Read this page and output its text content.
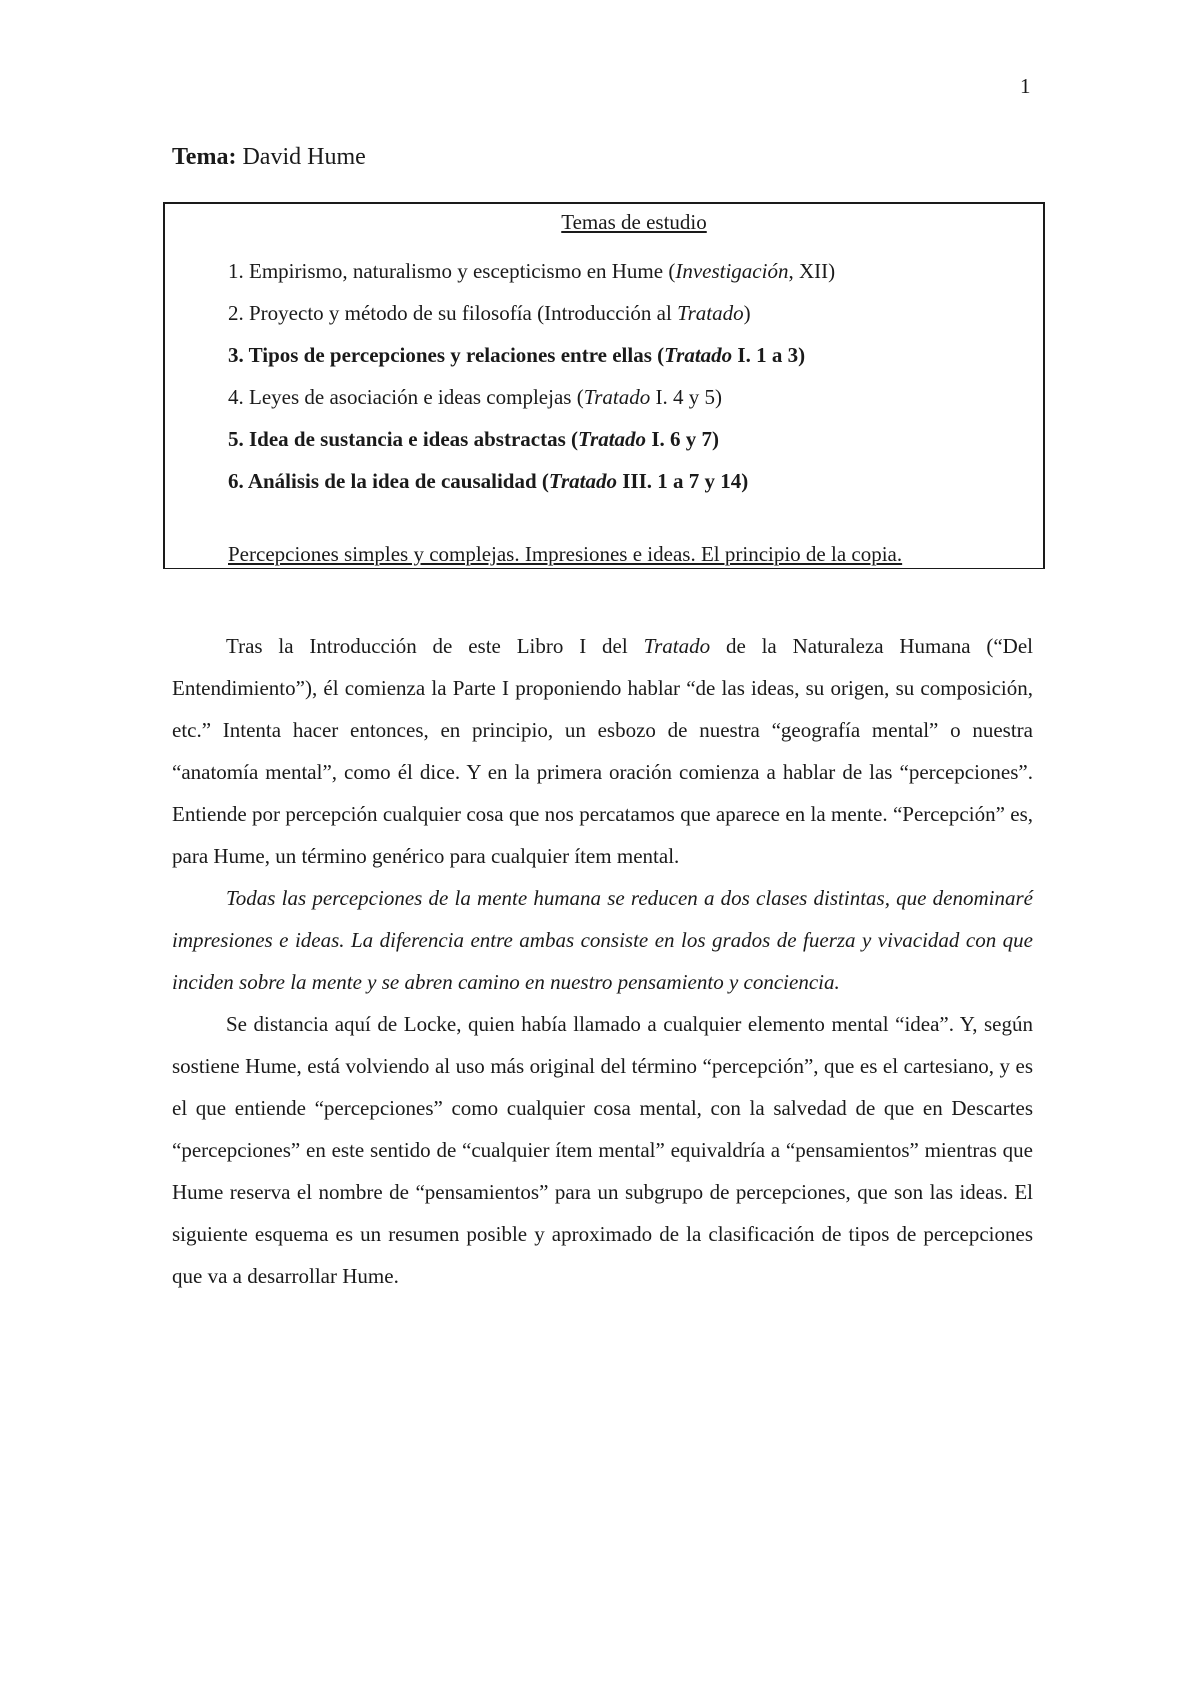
1
Tema: David Hume
Temas de estudio
1. Empirismo, naturalismo y escepticismo en Hume (Investigación, XII)
2. Proyecto y método de su filosofía (Introducción al Tratado)
3. Tipos de percepciones y relaciones entre ellas (Tratado I. 1 a 3)
4. Leyes de asociación e ideas complejas (Tratado I. 4 y 5)
5. Idea de sustancia e ideas abstractas (Tratado I. 6 y 7)
6. Análisis de la idea de causalidad (Tratado III. 1 a 7 y 14)
Percepciones simples y complejas. Impresiones e ideas. El principio de la copia.

Tras la Introducción de este Libro I del Tratado de la Naturaleza Humana (“Del Entendimiento”), él comienza la Parte I proponiendo hablar “de las ideas, su origen, su composición, etc.” Intenta hacer entonces, en principio, un esbozo de nuestra “geografía mental” o nuestra “anatomía mental”, como él dice. Y en la primera oración comienza a hablar de las “percepciones”. Entiende por percepción cualquier cosa que nos percatamos que aparece en la mente. “Percepción” es, para Hume, un término genérico para cualquier ítem mental.

Todas las percepciones de la mente humana se reducen a dos clases distintas, que denominaré impresiones e ideas. La diferencia entre ambas consiste en los grados de fuerza y vivacidad con que inciden sobre la mente y se abren camino en nuestro pensamiento y conciencia.

Se distancia aquí de Locke, quien había llamado a cualquier elemento mental “idea”. Y, según sostiene Hume, está volviendo al uso más original del término “percepción”, que es el cartesiano, y es el que entiende “percepciones” como cualquier cosa mental, con la salvedad de que en Descartes “percepciones” en este sentido de “cualquier ítem mental” equivaldría a “pensamientos” mientras que Hume reserva el nombre de “pensamientos” para un subgrupo de percepciones, que son las ideas. El siguiente esquema es un resumen posible y aproximado de la clasificación de tipos de percepciones que va a desarrollar Hume.
